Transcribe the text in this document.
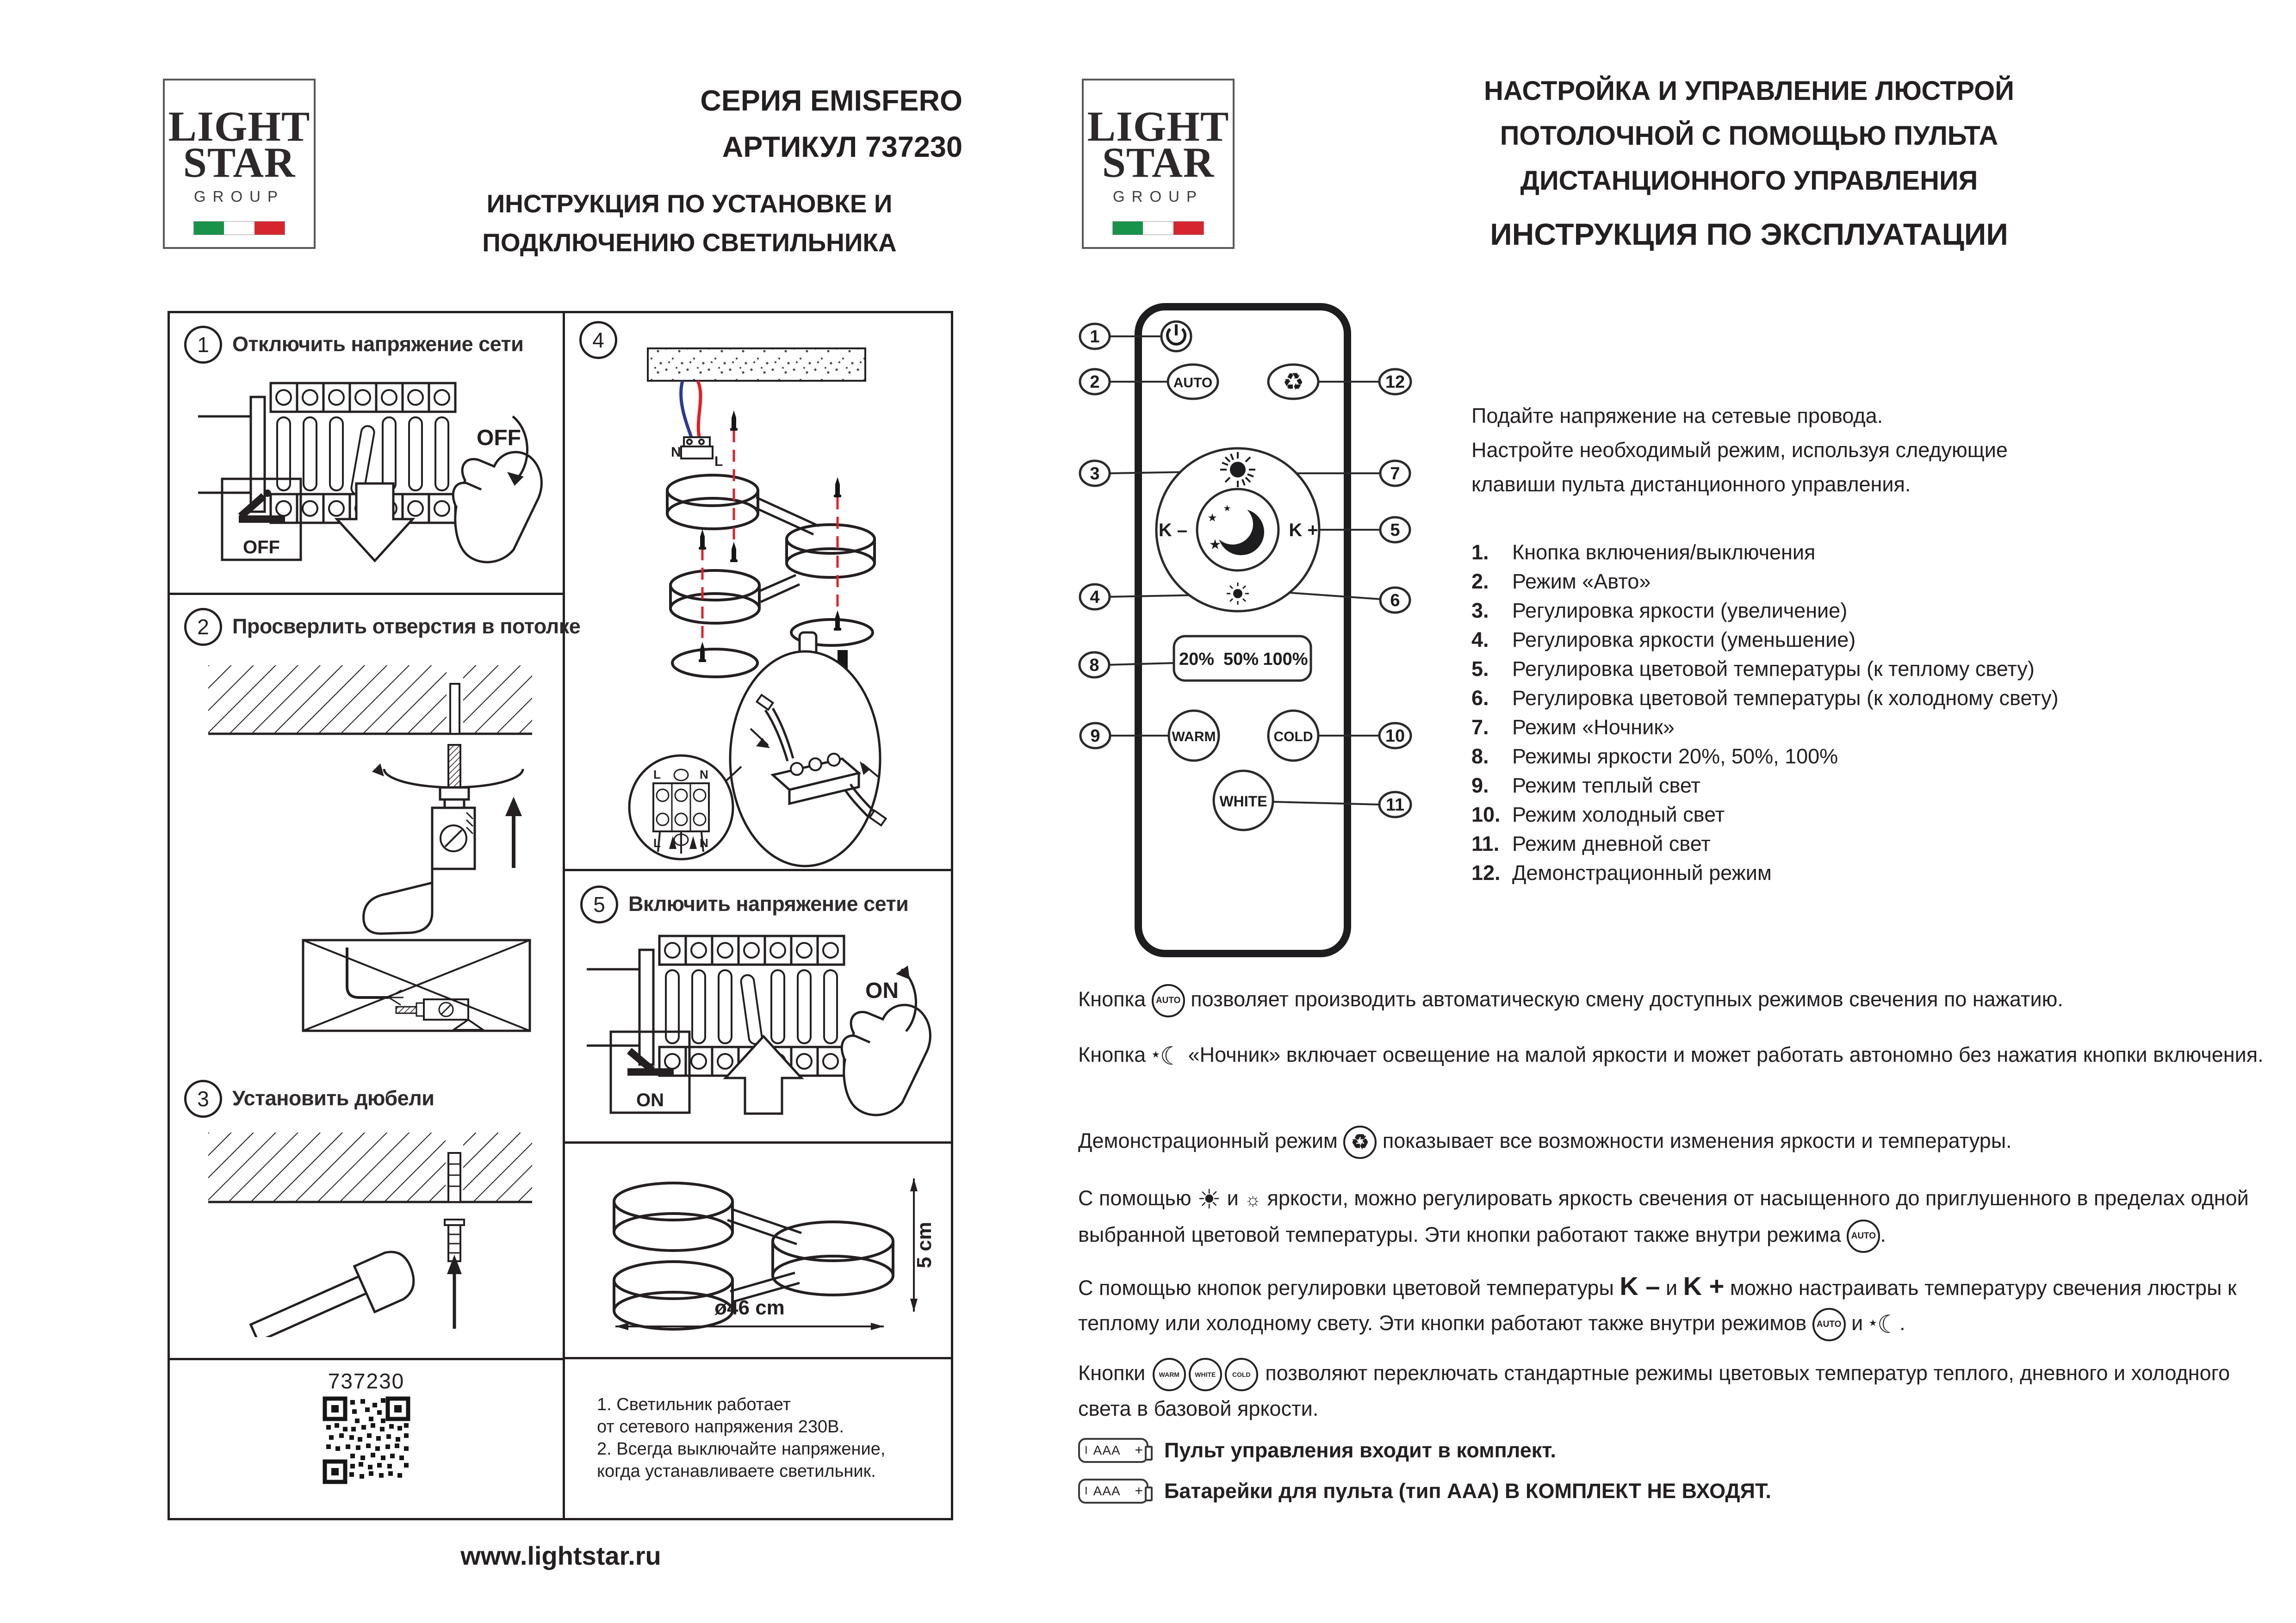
LIGHT
STAR
GROUP
СЕРИЯ EMISFERO
АРТИКУЛ 737230
ИНСТРУКЦИЯ ПО УСТАНОВКЕ И
ПОДКЛЮЧЕНИЮ СВЕТИЛЬНИКА
LIGHT
STAR
GROUP
НАСТРОЙКА И УПРАВЛЕНИЕ ЛЮСТРОЙ
ПОТОЛОЧНОЙ С ПОМОЩЬЮ ПУЛЬТА
ДИСТАНЦИОННОГО УПРАВЛЕНИЯ
ИНСТРУКЦИЯ ПО ЭКСПЛУАТАЦИИ
1	Отключить напряжение сети
2	Просверлить отверстия в потолке
3	Установить дюбели
4
5	Включить напряжение сети
OFF
OFF
N
L
L	N
L	N
ON
ON
5 cm
ø46 cm
737230
1. Светильник работает
от сетевого напряжения 230В.
2. Всегда выключайте напряжение,
когда устанавливаете светильник.
www.lightstar.ru
AUTO	♻
K –	K +
★
★
★
20% 50% 100%
WARM	COLD
WHITE
1
2
3
4
8
9
12
7
5
6
10
11
Подайте напряжение на сетевые провода.
Настройте необходимый режим, используя следующие
клавиши пульта дистанционного управления.
1.	Кнопка включения/выключения
2.	Режим «Авто»
3.	Регулировка яркости (увеличение)
4.	Регулировка яркости (уменьшение)
5.	Регулировка цветовой температуры (к теплому свету)
6.	Регулировка цветовой температуры (к холодному свету)
7.	Режим «Ночник»
8.	Режимы яркости 20%, 50%, 100%
9.	Режим теплый свет
10. Режим холодный свет
11. Режим дневной свет
12. Демонстрационный режим
Кнопка AUTO позволяет производить автоматическую смену доступных режимов свечения по нажатию.
Кнопка ★☾ «Ночник» включает освещение на малой яркости и может работать автономно без нажатия кнопки включения.
Демонстрационный режим ♻ показывает все возможности изменения яркости и температуры.
С помощью ☀ и ☼ яркости, можно регулировать яркость свечения от насыщенного до приглушенного в пределах одной выбранной цветовой температуры. Эти кнопки работают также внутри режима AUTO .
С помощью кнопок регулировки цветовой температуры K – и K + можно настраивать температуру свечения люстры к теплому или холодному свету. Эти кнопки работают также внутри режимов AUTO и ★☾.
Кнопки WARM WHITE	COLD позволяют переключать стандартные режимы цветовых температур теплого, дневного и холодного света в базовой яркости.
I AAA + Пульт управления входит в комплект.
I AAA + Батарейки для пульта (тип AAA) В КОМПЛЕКТ НЕ ВХОДЯТ.
